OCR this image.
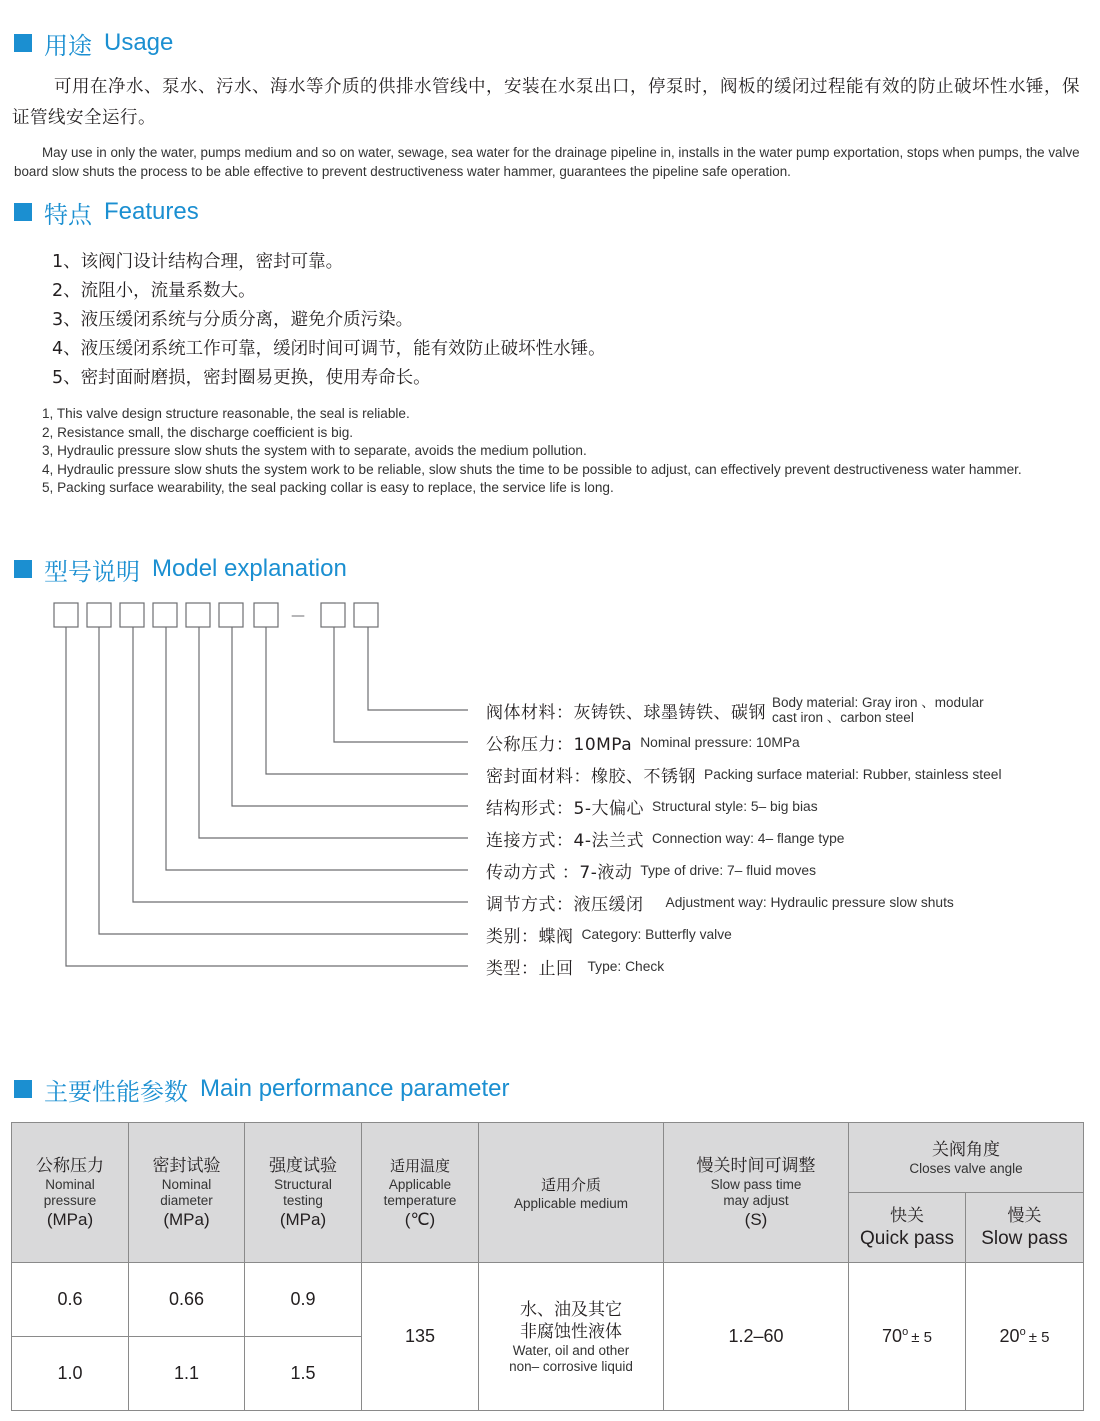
用途 Usage
可用在净水、泵水、污水、海水等介质的供排水管线中，安装在水泵出口，停泵时，阀板的缓闭过程能有效的防止破坏性水锤，保证管线安全运行。
May use in only the water, pumps medium and so on water, sewage, sea water for the drainage pipeline in, installs in the water pump exportation, stops when pumps, the valve board slow shuts the process to be able effective to prevent destructiveness water hammer, guarantees the pipeline safe operation.
特点 Features
1、该阀门设计结构合理，密封可靠。
2、流阻小，流量系数大。
3、液压缓闭系统与分质分离，避免介质污染。
4、液压缓闭系统工作可靠，缓闭时间可调节，能有效防止破坏性水锤。
5、密封面耐磨损，密封圈易更换，使用寿命长。
1, This valve design structure reasonable, the seal is reliable.
2, Resistance small, the discharge coefficient is big.
3, Hydraulic pressure slow shuts the system with to separate, avoids the medium pollution.
4, Hydraulic pressure slow shuts the system work to be reliable, slow shuts the time to be possible to adjust, can effectively prevent destructiveness water hammer.
5, Packing surface wearability, the seal packing collar is easy to replace, the service life is long.
型号说明 Model explanation
—
阀体材料：灰铸铁、球墨铸铁、碳钢 Body material: Gray iron 、modular
cast iron 、carbon steel
公称压力：10MPa Nominal pressure: 10MPa
密封面材料：橡胶、不锈钢 Packing surface material: Rubber, stainless steel
结构形式：5-大偏心 Structural style: 5– big bias
连接方式：4-法兰式 Connection way: 4– flange type
传动方式 ：7-液动 Type of drive: 7– fluid moves
调节方式：液压缓闭 Adjustment way: Hydraulic pressure slow shuts
类别：蝶阀 Category: Butterfly valve
类型：止回 Type: Check
主要性能参数 Main performance parameter
公称压力
Nominal
pressure
(MPa)	密封试验
Nominal
diameter
(MPa)	强度试验
Structural
testing
(MPa)	适用温度
Applicable
temperature
(℃)	适用介质
Applicable medium	慢关时间可调整
Slow pass time
may adjust
(S)	关阀角度
Closes valve angle	

						快关
Quick pass	慢关
Slow pass

0.6	0.66	0.9	135	水、油及其它
非腐蚀性液体
Water, oil and other
non– corrosive liquid	1.2–60	$70^o \pm 5$	$20^o \pm 5$
1.0	1.1	1.5					
